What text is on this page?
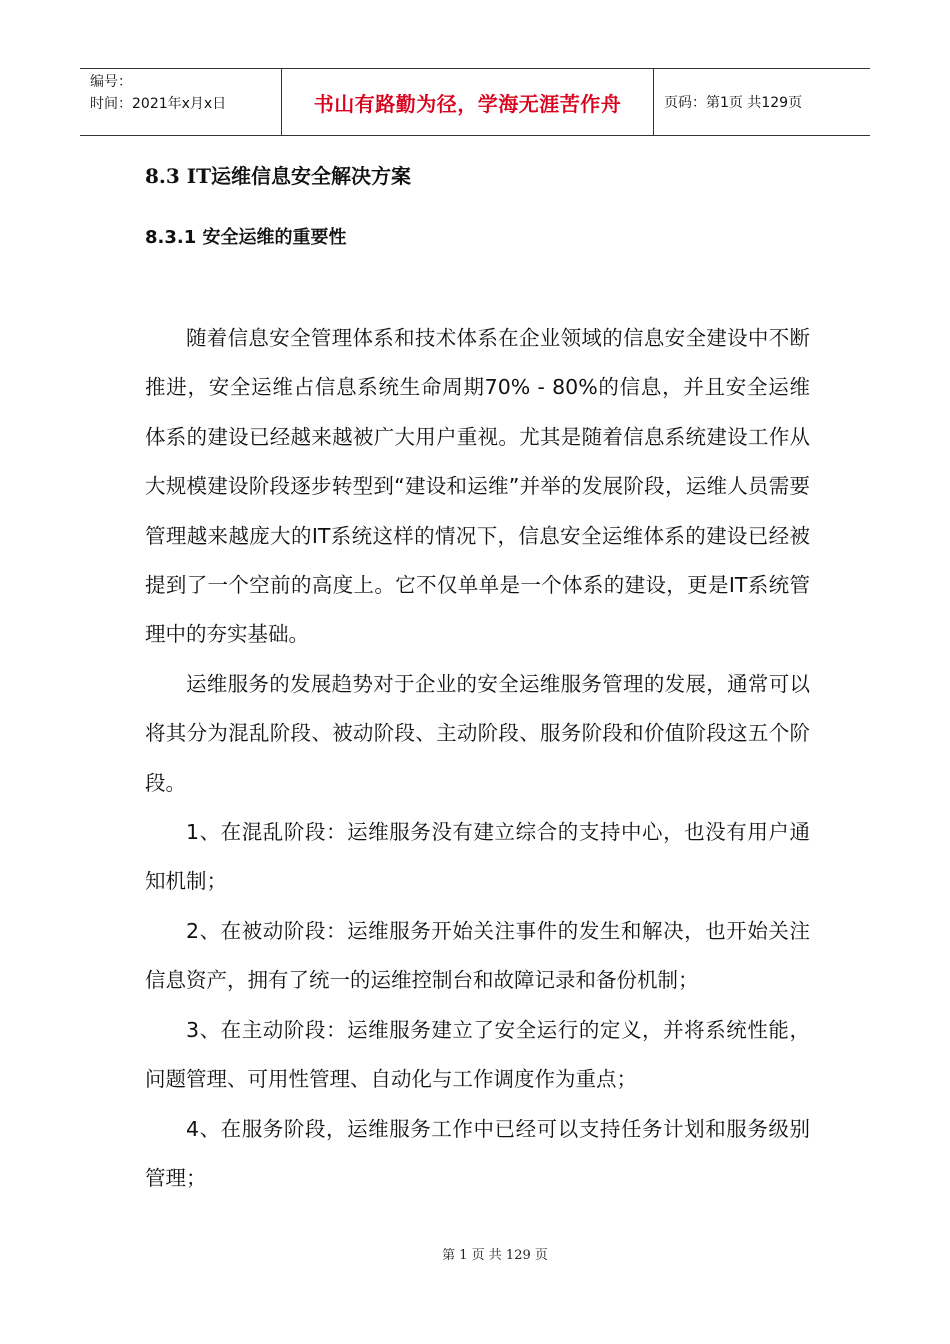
编号：
时间：2021年x月x日	书山有路勤为径，学海无涯苦作舟	页码：第1页 共129页
8.3 IT运维信息安全解决方案
8.3.1 安全运维的重要性

随着信息安全管理体系和技术体系在企业领域的信息安全建设中不断推进，安全运维占信息系统生命周期70% - 80%的信息，并且安全运维体系的建设已经越来越被广大用户重视。尤其是随着信息系统建设工作从大规模建设阶段逐步转型到“建设和运维”并举的发展阶段，运维人员需要管理越来越庞大的IT系统这样的情况下，信息安全运维体系的建设已经被提到了一个空前的高度上。它不仅单单是一个体系的建设，更是IT系统管理中的夯实基础。

运维服务的发展趋势对于企业的安全运维服务管理的发展，通常可以将其分为混乱阶段、被动阶段、主动阶段、服务阶段和价值阶段这五个阶段。

1、在混乱阶段：运维服务没有建立综合的支持中心，也没有用户通知机制；

2、在被动阶段：运维服务开始关注事件的发生和解决，也开始关注信息资产，拥有了统一的运维控制台和故障记录和备份机制；

3、在主动阶段：运维服务建立了安全运行的定义，并将系统性能，问题管理、可用性管理、自动化与工作调度作为重点；

4、在服务阶段，运维服务工作中已经可以支持任务计划和服务级别管理；

第 1 页 共 129 页
